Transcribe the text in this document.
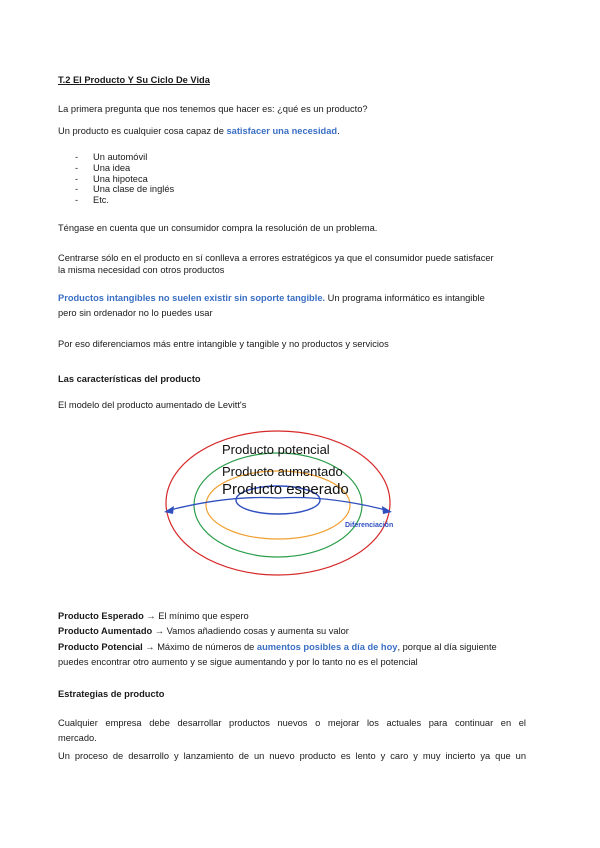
T.2 El Producto Y Su Ciclo De Vida
La primera pregunta que nos tenemos que hacer es: ¿qué es un producto?
Un producto es cualquier cosa capaz de satisfacer una necesidad.
- Un automóvil
- Una idea
- Una hipoteca
- Una clase de inglés
- Etc.
Téngase en cuenta que un consumidor compra la resolución de un problema.
Centrarse sólo en el producto en sí conlleva a errores estratégicos ya que el consumidor puede satisfacer
la misma necesidad con otros productos
Productos intangibles no suelen existir sin soporte tangible. Un programa informático es intangible
pero sin ordenador no lo puedes usar
Por eso diferenciamos más entre intangible y tangible y no productos y servicios
Las características del producto
El modelo del producto aumentado de Levitt's
Producto potencial
Producto aumentado
Producto esperado
Diferenciación
Producto Esperado → El mínimo que espero
Producto Aumentado → Vamos añadiendo cosas y aumenta su valor
Producto Potencial → Máximo de números de aumentos posibles a día de hoy, porque al día siguiente
puedes encontrar otro aumento y se sigue aumentando y por lo tanto no es el potencial
Estrategias de producto
Cualquier empresa debe desarrollar productos nuevos o mejorar los actuales para continuar en el
mercado.
Un proceso de desarrollo y lanzamiento de un nuevo producto es lento y caro y muy incierto ya que un
